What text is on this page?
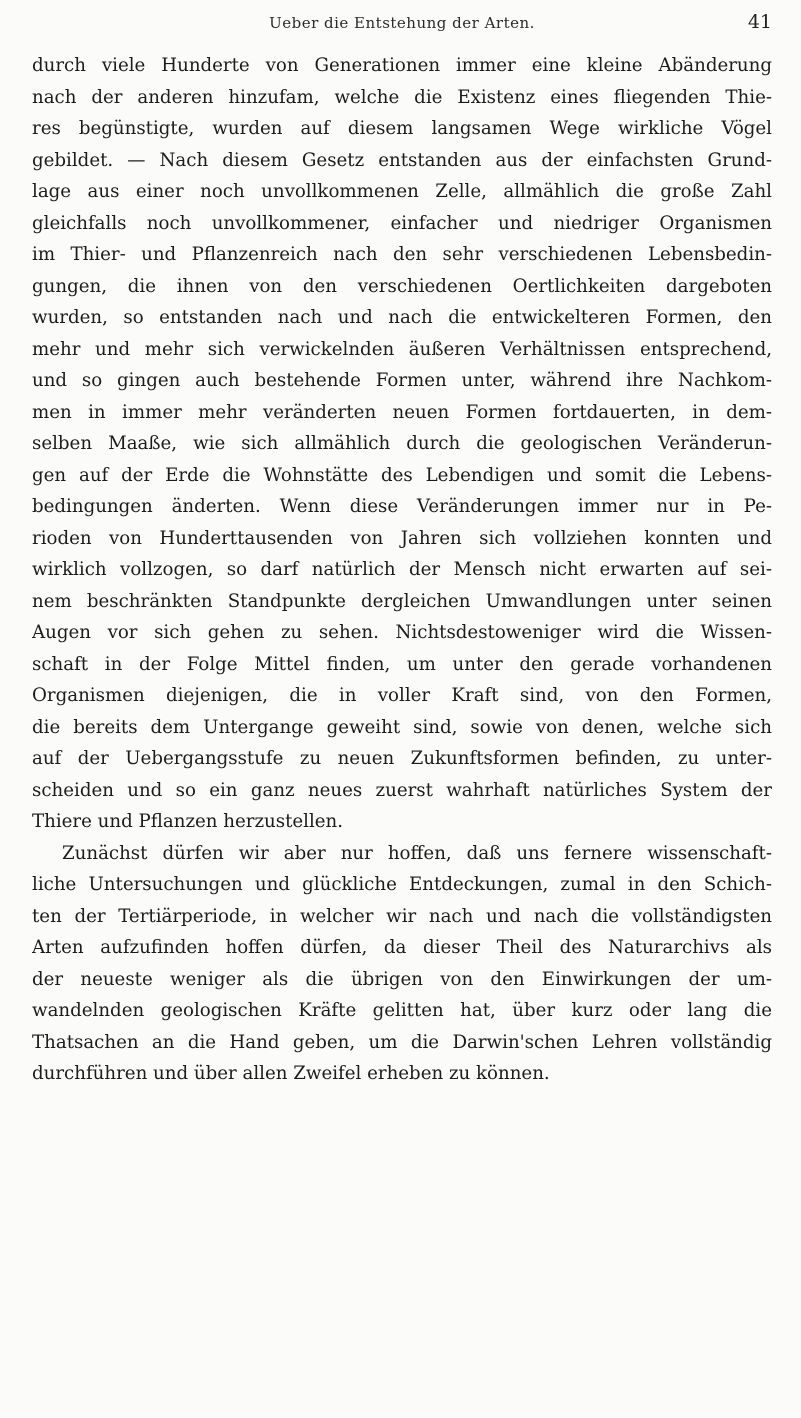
Ueber die Entstehung der Arten.	41
durch viele Hunderte von Generationen immer eine kleine Abänderung
nach der anderen hinzufam, welche die Existenz eines fliegenden Thie-
res begünstigte, wurden auf diesem langsamen Wege wirkliche Vögel
gebildet. — Nach diesem Gesetz entstanden aus der einfachsten Grund-
lage aus einer noch unvollkommenen Zelle, allmählich die große Zahl
gleichfalls noch unvollkommener, einfacher und niedriger Organismen
im Thier- und Pflanzenreich nach den sehr verschiedenen Lebensbedin-
gungen, die ihnen von den verschiedenen Oertlichkeiten dargeboten
wurden, so entstanden nach und nach die entwickelteren Formen, den
mehr und mehr sich verwickelnden äußeren Verhältnissen entsprechend,
und so gingen auch bestehende Formen unter, während ihre Nachkom-
men in immer mehr veränderten neuen Formen fortdauerten, in dem-
selben Maaße, wie sich allmählich durch die geologischen Veränderun-
gen auf der Erde die Wohnstätte des Lebendigen und somit die Lebens-
bedingungen änderten. Wenn diese Veränderungen immer nur in Pe-
rioden von Hunderttausenden von Jahren sich vollziehen konnten und
wirklich vollzogen, so darf natürlich der Mensch nicht erwarten auf sei-
nem beschränkten Standpunkte dergleichen Umwandlungen unter seinen
Augen vor sich gehen zu sehen. Nichtsdestoweniger wird die Wissen-
schaft in der Folge Mittel finden, um unter den gerade vorhandenen
Organismen diejenigen, die in voller Kraft sind, von den Formen,
die bereits dem Untergange geweiht sind, sowie von denen, welche sich
auf der Uebergangsstufe zu neuen Zukunftsformen befinden, zu unter-
scheiden und so ein ganz neues zuerst wahrhaft natürliches System der
Thiere und Pflanzen herzustellen.
Zunächst dürfen wir aber nur hoffen, daß uns fernere wissenschaft-
liche Untersuchungen und glückliche Entdeckungen, zumal in den Schich-
ten der Tertiärperiode, in welcher wir nach und nach die vollständigsten
Arten aufzufinden hoffen dürfen, da dieser Theil des Naturarchivs als
der neueste weniger als die übrigen von den Einwirkungen der um-
wandelnden geologischen Kräfte gelitten hat, über kurz oder lang die
Thatsachen an die Hand geben, um die Darwin'schen Lehren vollständig
durchführen und über allen Zweifel erheben zu können.
